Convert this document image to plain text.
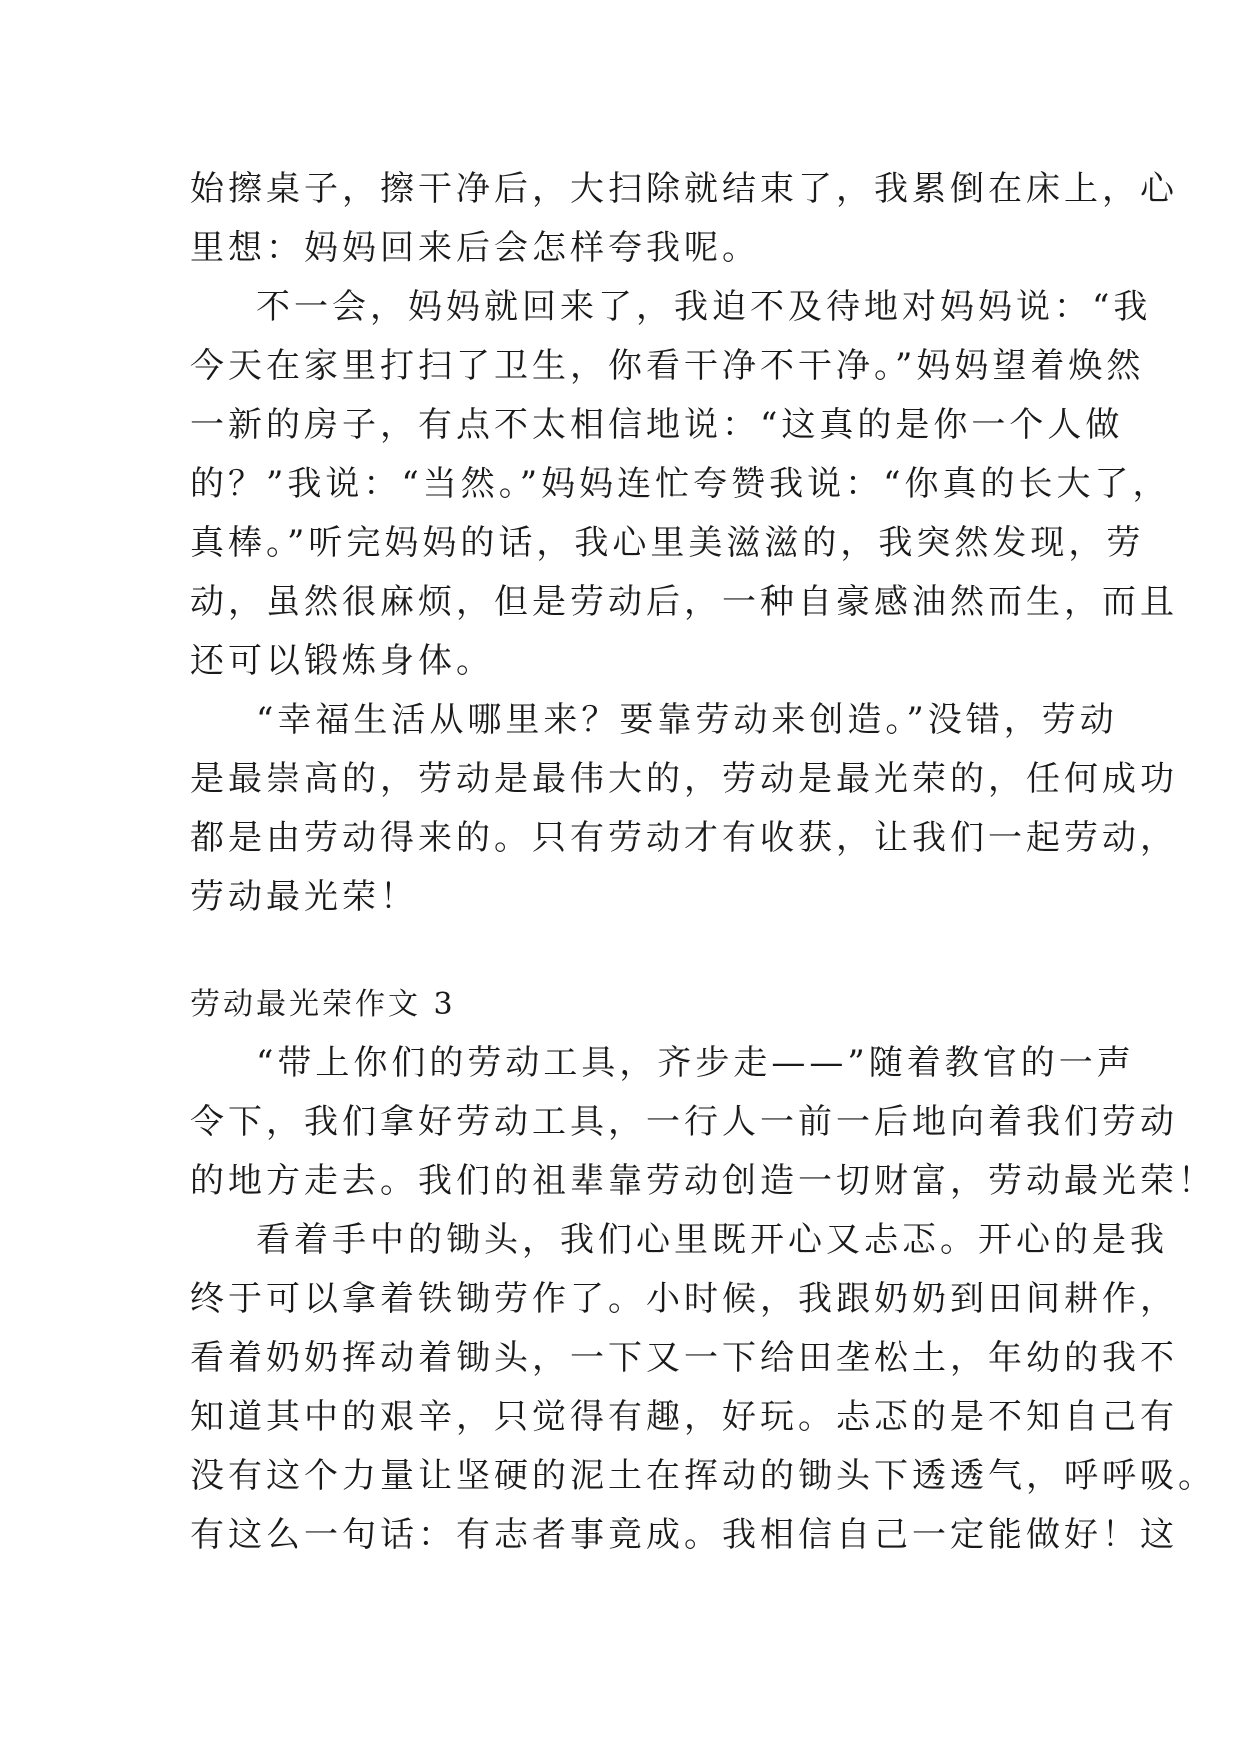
始擦桌子，擦干净后，大扫除就结束了，我累倒在床上，心
里想：妈妈回来后会怎样夸我呢。
不一会，妈妈就回来了，我迫不及待地对妈妈说：“我
今天在家里打扫了卫生，你看干净不干净。”妈妈望着焕然
一新的房子，有点不太相信地说：“这真的是你一个人做
的？”我说：“当然。”妈妈连忙夸赞我说：“你真的长大了，
真棒。”听完妈妈的话，我心里美滋滋的，我突然发现，劳
动，虽然很麻烦，但是劳动后，一种自豪感油然而生，而且
还可以锻炼身体。
“幸福生活从哪里来？要靠劳动来创造。”没错，劳动
是最崇高的，劳动是最伟大的，劳动是最光荣的，任何成功
都是由劳动得来的。只有劳动才有收获，让我们一起劳动，
劳动最光荣！
劳动最光荣作文 3
“带上你们的劳动工具，齐步走——”随着教官的一声
令下，我们拿好劳动工具，一行人一前一后地向着我们劳动
的地方走去。我们的祖辈靠劳动创造一切财富，劳动最光荣！
看着手中的锄头，我们心里既开心又忐忑。开心的是我
终于可以拿着铁锄劳作了。小时候，我跟奶奶到田间耕作，
看着奶奶挥动着锄头，一下又一下给田垄松土，年幼的我不
知道其中的艰辛，只觉得有趣，好玩。忐忑的是不知自己有
没有这个力量让坚硬的泥土在挥动的锄头下透透气，呼呼吸。
有这么一句话：有志者事竟成。我相信自己一定能做好！这
